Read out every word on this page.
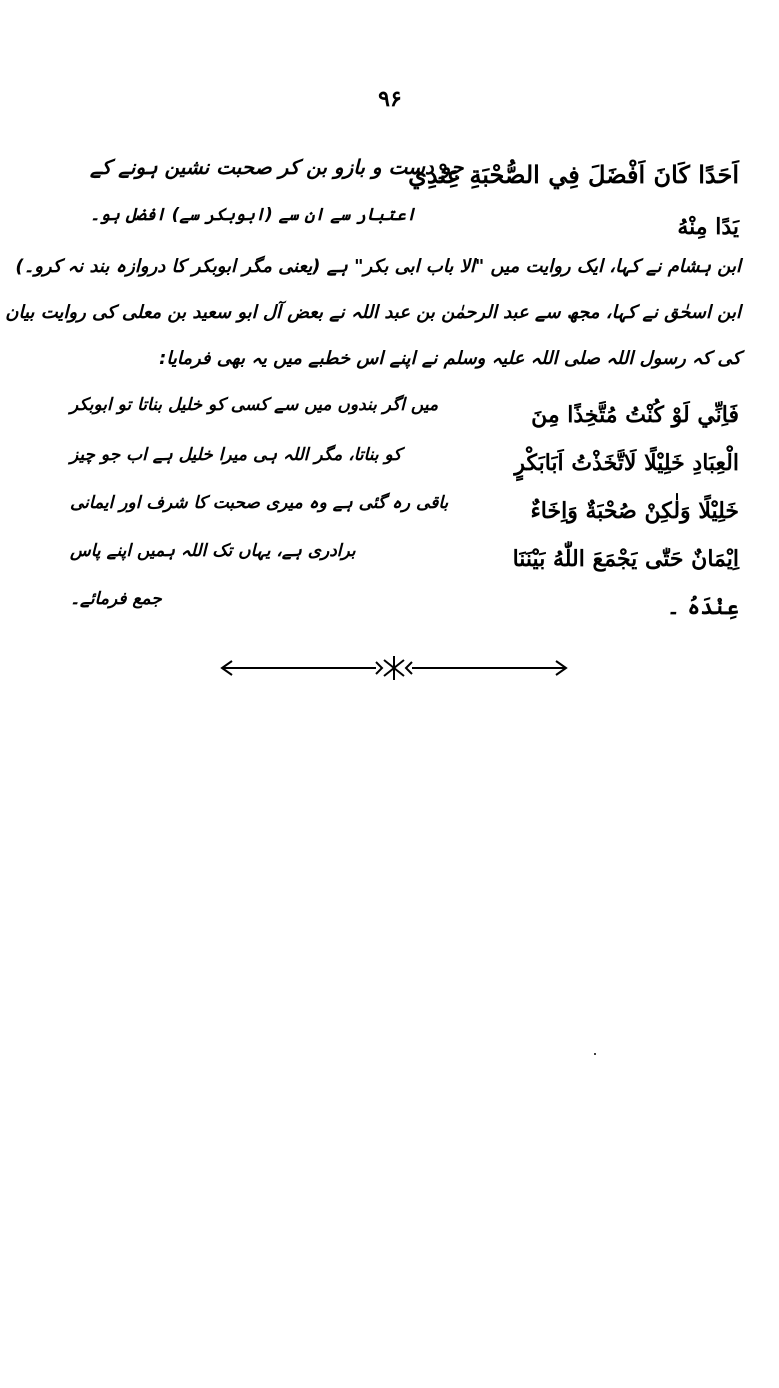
۹۶
اَحَدًا كَانَ اَفْضَلَ فِي الصُّحْبَةِ عِنْدِي
جو دست و بازو بن کر صحبت نشین ہونے کے
يَدًا مِنْهُ
اعتبار سے ان سے (ابوبکر سے) افضل ہو۔
ابن ہشام نے کہا، ایک روایت میں "الا باب ابی بکر" ہے (یعنی مگر ابوبکر کا دروازہ بند نہ کرو۔)
ابن اسحٰق نے کہا، مجھ سے عبد الرحمٰن بن عبد اللہ نے بعض آل ابو سعید بن معلی کی روایت بیان
کی کہ رسول اللہ صلی اللہ علیہ وسلم نے اپنے اس خطبے میں یہ بھی فرمایا:
فَاِنِّي لَوْ كُنْتُ مُتَّخِذًا مِنَ
الْعِبَادِ خَلِيْلًا لَاتَّخَذْتُ اَبَابَكْرٍ
خَلِيْلًا وَلٰكِنْ صُحْبَةٌ وَاِخَاءٌ
اِيْمَانٌ حَتّٰى يَجْمَعَ اللّٰهُ بَيْنَنَا
عِنْدَهُ ۔
میں اگر بندوں میں سے کسی کو خلیل بناتا تو ابوبکر
کو بناتا، مگر اللہ ہی میرا خلیل ہے اب جو چیز
باقی رہ گئی ہے وہ میری صحبت کا شرف اور ایمانی
برادری ہے، یہاں تک اللہ ہمیں اپنے پاس
جمع فرمائے۔
